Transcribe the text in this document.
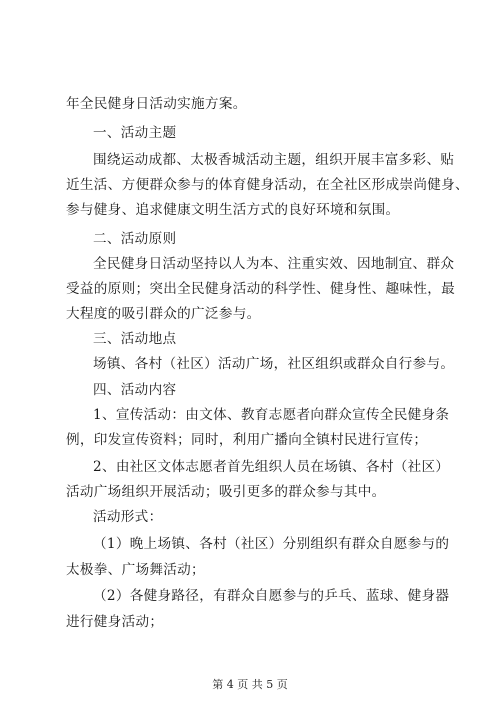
年全民健身日活动实施方案。
一、活动主题
围绕运动成都、太极香城活动主题，组织开展丰富多彩、贴
近生活、方便群众参与的体育健身活动，在全社区形成崇尚健身、
参与健身、追求健康文明生活方式的良好环境和氛围。
二、活动原则
全民健身日活动坚持以人为本、注重实效、因地制宜、群众
受益的原则；突出全民健身活动的科学性、健身性、趣味性，最
大程度的吸引群众的广泛参与。
三、活动地点
场镇、各村（社区）活动广场，社区组织或群众自行参与。
四、活动内容
1、宣传活动：由文体、教育志愿者向群众宣传全民健身条
例，印发宣传资料；同时，利用广播向全镇村民进行宣传；
2、由社区文体志愿者首先组织人员在场镇、各村（社区）
活动广场组织开展活动；吸引更多的群众参与其中。
活动形式：
（1）晚上场镇、各村（社区）分别组织有群众自愿参与的
太极拳、广场舞活动；
（2）各健身路径，有群众自愿参与的乒乓、蓝球、健身器
进行健身活动；
第 4 页 共 5 页
